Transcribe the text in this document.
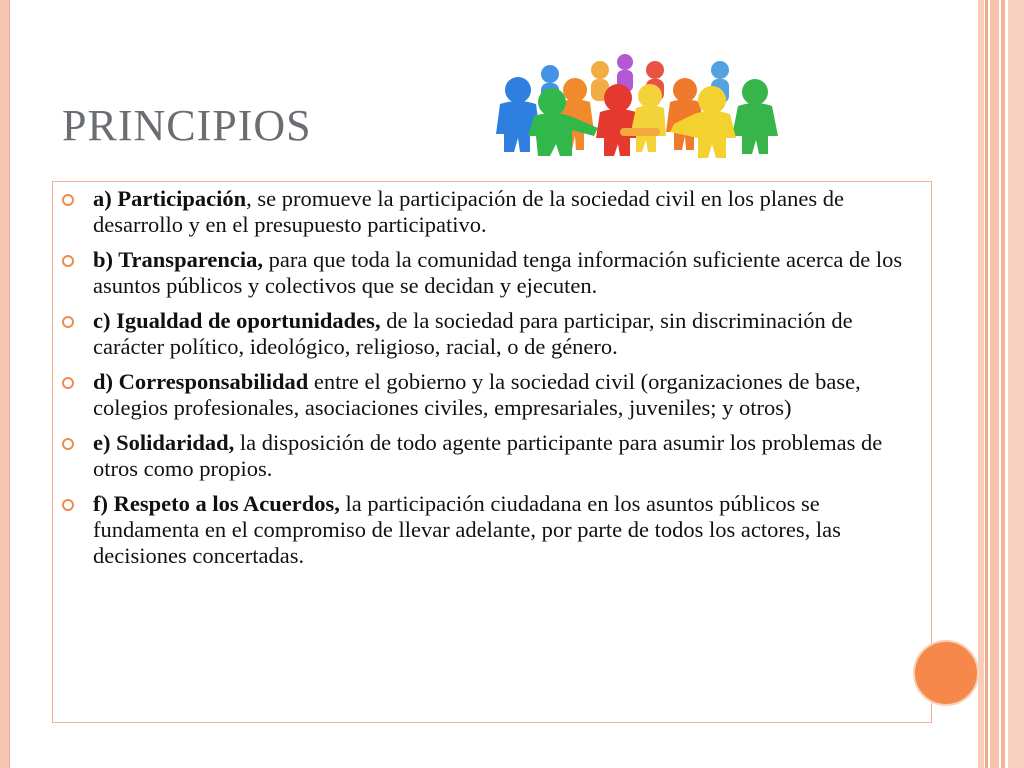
PRINCIPIOS
a) Participación, se promueve la participación de la sociedad civil en los planes de desarrollo y en el presupuesto participativo.
b) Transparencia, para que toda la comunidad tenga información suficiente acerca de los asuntos públicos y colectivos que se decidan y ejecuten.
c) Igualdad de oportunidades, de la sociedad para participar, sin discriminación de carácter político, ideológico, religioso, racial, o de género.
d) Corresponsabilidad entre el gobierno y la sociedad civil (organizaciones de base, colegios profesionales, asociaciones civiles, empresariales, juveniles; y otros)
e) Solidaridad, la disposición de todo agente participante para asumir los problemas de otros como propios.
f) Respeto a los Acuerdos, la participación ciudadana en los asuntos públicos se fundamenta en el compromiso de llevar adelante, por parte de todos los actores, las decisiones concertadas.
